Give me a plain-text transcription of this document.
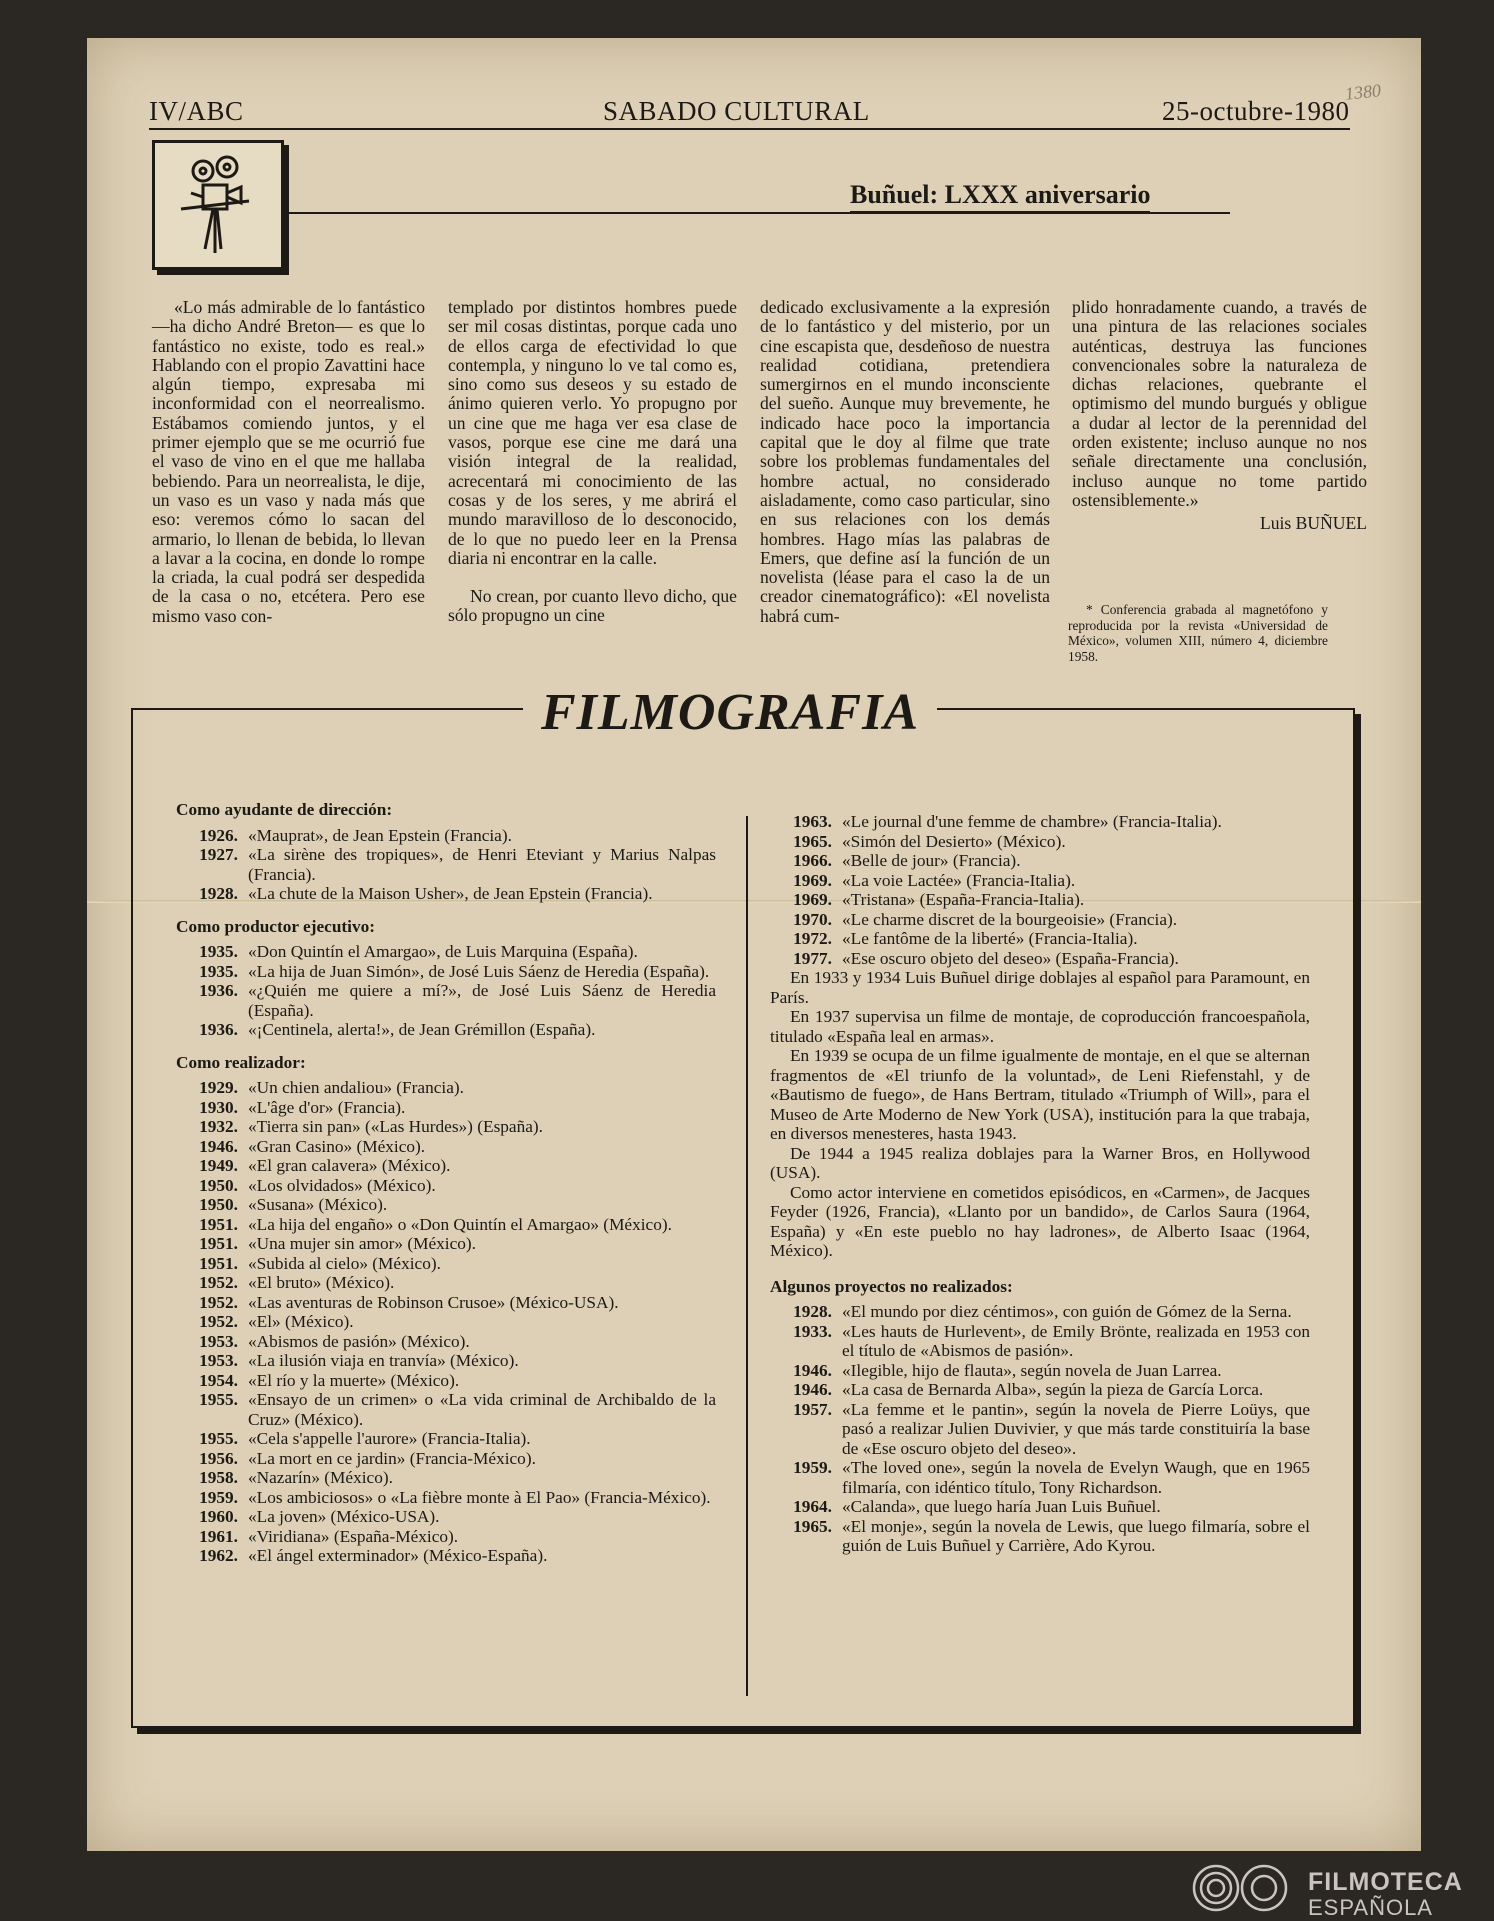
IV/ABC	SABADO CULTURAL	25-octubre-1980
1380
Buñuel: LXXX aniversario

«Lo más admirable de lo fantástico —ha dicho André Breton— es que lo fantástico no existe, todo es real.» Hablando con el propio Zavattini hace algún tiempo, expresaba mi inconformidad con el neorrealismo. Estábamos comiendo juntos, y el primer ejemplo que se me ocurrió fue el vaso de vino en el que me hallaba bebiendo. Para un neorrealista, le dije, un vaso es un vaso y nada más que eso: veremos cómo lo sacan del armario, lo llenan de bebida, lo llevan a lavar a la cocina, en donde lo rompe la criada, la cual podrá ser despedida de la casa o no, etcétera. Pero ese mismo vaso con-

templado por distintos hombres puede ser mil cosas distintas, porque cada uno de ellos carga de efectividad lo que contempla, y ninguno lo ve tal como es, sino como sus deseos y su estado de ánimo quieren verlo. Yo propugno por un cine que me haga ver esa clase de vasos, porque ese cine me dará una visión integral de la realidad, acrecentará mi conocimiento de las cosas y de los seres, y me abrirá el mundo maravilloso de lo desconocido, de lo que no puedo leer en la Prensa diaria ni encontrar en la calle.

No crean, por cuanto llevo dicho, que sólo propugno un cine

dedicado exclusivamente a la expresión de lo fantástico y del misterio, por un cine escapista que, desdeñoso de nuestra realidad cotidiana, pretendiera sumergirnos en el mundo inconsciente del sueño. Aunque muy brevemente, he indicado hace poco la importancia capital que le doy al filme que trate sobre los problemas fundamentales del hombre actual, no considerado aisladamente, como caso particular, sino en sus relaciones con los demás hombres. Hago mías las palabras de Emers, que define así la función de un novelista (léase para el caso la de un creador cinematográfico): «El novelista habrá cum-

plido honradamente cuando, a través de una pintura de las relaciones sociales auténticas, destruya las funciones convencionales sobre la naturaleza de dichas relaciones, quebrante el optimismo del mundo burgués y obligue a dudar al lector de la perennidad del orden existente; incluso aunque no nos señale directamente una conclusión, incluso aunque no tome partido ostensiblemente.»

Luis BUÑUEL

* Conferencia grabada al magnetófono y reproducida por la revista «Universidad de México», volumen XIII, número 4, diciembre 1958.

FILMOGRAFIA
Como ayudante de dirección:
1926. «Mauprat», de Jean Epstein (Francia).
1927. «La sirène des tropiques», de Henri Eteviant y Marius Nalpas (Francia).
1928. «La chute de la Maison Usher», de Jean Epstein (Francia).
Como productor ejecutivo:
1935. «Don Quintín el Amargao», de Luis Marquina (España).
1935. «La hija de Juan Simón», de José Luis Sáenz de Heredia (España).
1936. «¿Quién me quiere a mí?», de José Luis Sáenz de Heredia (España).
1936. «¡Centinela, alerta!», de Jean Grémillon (España).
Como realizador:
1929. «Un chien andaliou» (Francia).
1930. «L'âge d'or» (Francia).
1932. «Tierra sin pan» («Las Hurdes») (España).
1946. «Gran Casino» (México).
1949. «El gran calavera» (México).
1950. «Los olvidados» (México).
1950. «Susana» (México).
1951. «La hija del engaño» o «Don Quintín el Amargao» (México).
1951. «Una mujer sin amor» (México).
1951. «Subida al cielo» (México).
1952. «El bruto» (México).
1952. «Las aventuras de Robinson Crusoe» (México-USA).
1952. «El» (México).
1953. «Abismos de pasión» (México).
1953. «La ilusión viaja en tranvía» (México).
1954. «El río y la muerte» (México).
1955. «Ensayo de un crimen» o «La vida criminal de Archibaldo de la Cruz» (México).
1955. «Cela s'appelle l'aurore» (Francia-Italia).
1956. «La mort en ce jardin» (Francia-México).
1958. «Nazarín» (México).
1959. «Los ambiciosos» o «La fièbre monte à El Pao» (Francia-México).
1960. «La joven» (México-USA).
1961. «Viridiana» (España-México).
1962. «El ángel exterminador» (México-España).
1963. «Le journal d'une femme de chambre» (Francia-Italia).
1965. «Simón del Desierto» (México).
1966. «Belle de jour» (Francia).
1969. «La voie Lactée» (Francia-Italia).
1969. «Tristana» (España-Francia-Italia).
1970. «Le charme discret de la bourgeoisie» (Francia).
1972. «Le fantôme de la liberté» (Francia-Italia).
1977. «Ese oscuro objeto del deseo» (España-Francia).

En 1933 y 1934 Luis Buñuel dirige doblajes al español para Paramount, en París.

En 1937 supervisa un filme de montaje, de coproducción francoespañola, titulado «España leal en armas».

En 1939 se ocupa de un filme igualmente de montaje, en el que se alternan fragmentos de «El triunfo de la voluntad», de Leni Riefenstahl, y de «Bautismo de fuego», de Hans Bertram, titulado «Triumph of Will», para el Museo de Arte Moderno de New York (USA), institución para la que trabaja, en diversos menesteres, hasta 1943.

De 1944 a 1945 realiza doblajes para la Warner Bros, en Hollywood (USA).

Como actor interviene en cometidos episódicos, en «Carmen», de Jacques Feyder (1926, Francia), «Llanto por un bandido», de Carlos Saura (1964, España) y «En este pueblo no hay ladrones», de Alberto Isaac (1964, México).

Algunos proyectos no realizados:
1928. «El mundo por diez céntimos», con guión de Gómez de la Serna.
1933. «Les hauts de Hurlevent», de Emily Brönte, realizada en 1953 con el título de «Abismos de pasión».
1946. «Ilegible, hijo de flauta», según novela de Juan Larrea.
1946. «La casa de Bernarda Alba», según la pieza de García Lorca.
1957. «La femme et le pantin», según la novela de Pierre Loüys, que pasó a realizar Julien Duvivier, y que más tarde constituiría la base de «Ese oscuro objeto del deseo».
1959. «The loved one», según la novela de Evelyn Waugh, que en 1965 filmaría, con idéntico título, Tony Richardson.
1964. «Calanda», que luego haría Juan Luis Buñuel.
1965. «El monje», según la novela de Lewis, que luego filmaría, sobre el guión de Luis Buñuel y Carrière, Ado Kyrou.
FILMOTECA
ESPAÑOLA
